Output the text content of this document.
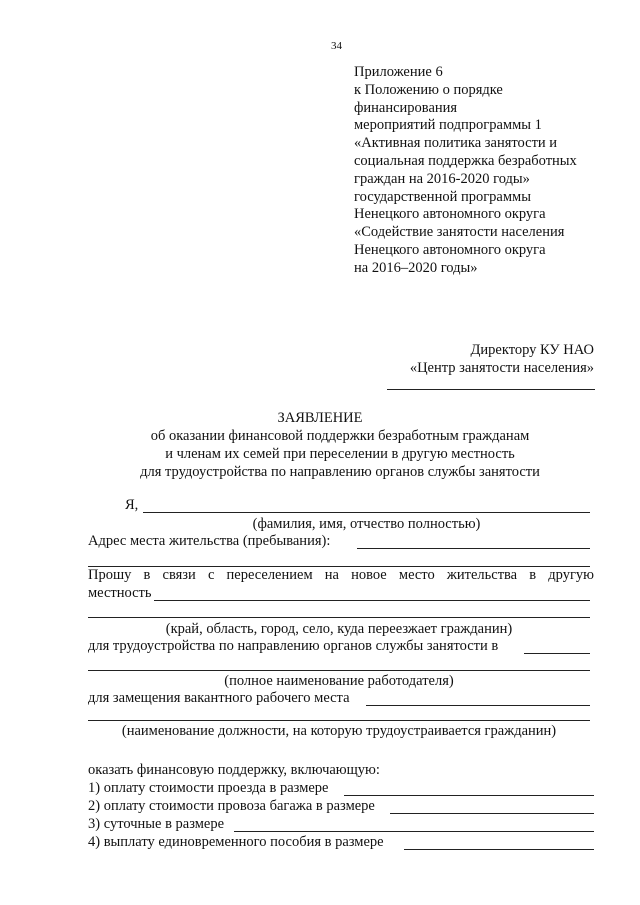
34
Приложение 6
к Положению о порядке
финансирования
мероприятий подпрограммы 1
«Активная политика занятости и
социальная поддержка безработных
граждан на 2016-2020 годы»
государственной программы
Ненецкого автономного округа
«Содействие занятости населения
Ненецкого автономного округа
на 2016–2020 годы»
Директору КУ НАО
«Центр занятости населения»
ЗАЯВЛЕНИЕ
об оказании финансовой поддержки безработным гражданам
и членам их семей при переселении в другую местность
для трудоустройства по направлению органов службы занятости
Я,
(фамилия, имя, отчество полностью)
Адрес места жительства (пребывания):
Прошу в связи с переселением на новое место жительства в другую
местность
(край, область, город, село, куда переезжает гражданин)
для трудоустройства по направлению органов службы занятости в
(полное наименование работодателя)
для замещения вакантного рабочего места
(наименование должности, на которую трудоустраивается гражданин)
оказать финансовую поддержку, включающую:
1) оплату стоимости проезда в размере
2) оплату стоимости провоза багажа в размере
3) суточные в размере
4) выплату единовременного пособия в размере
